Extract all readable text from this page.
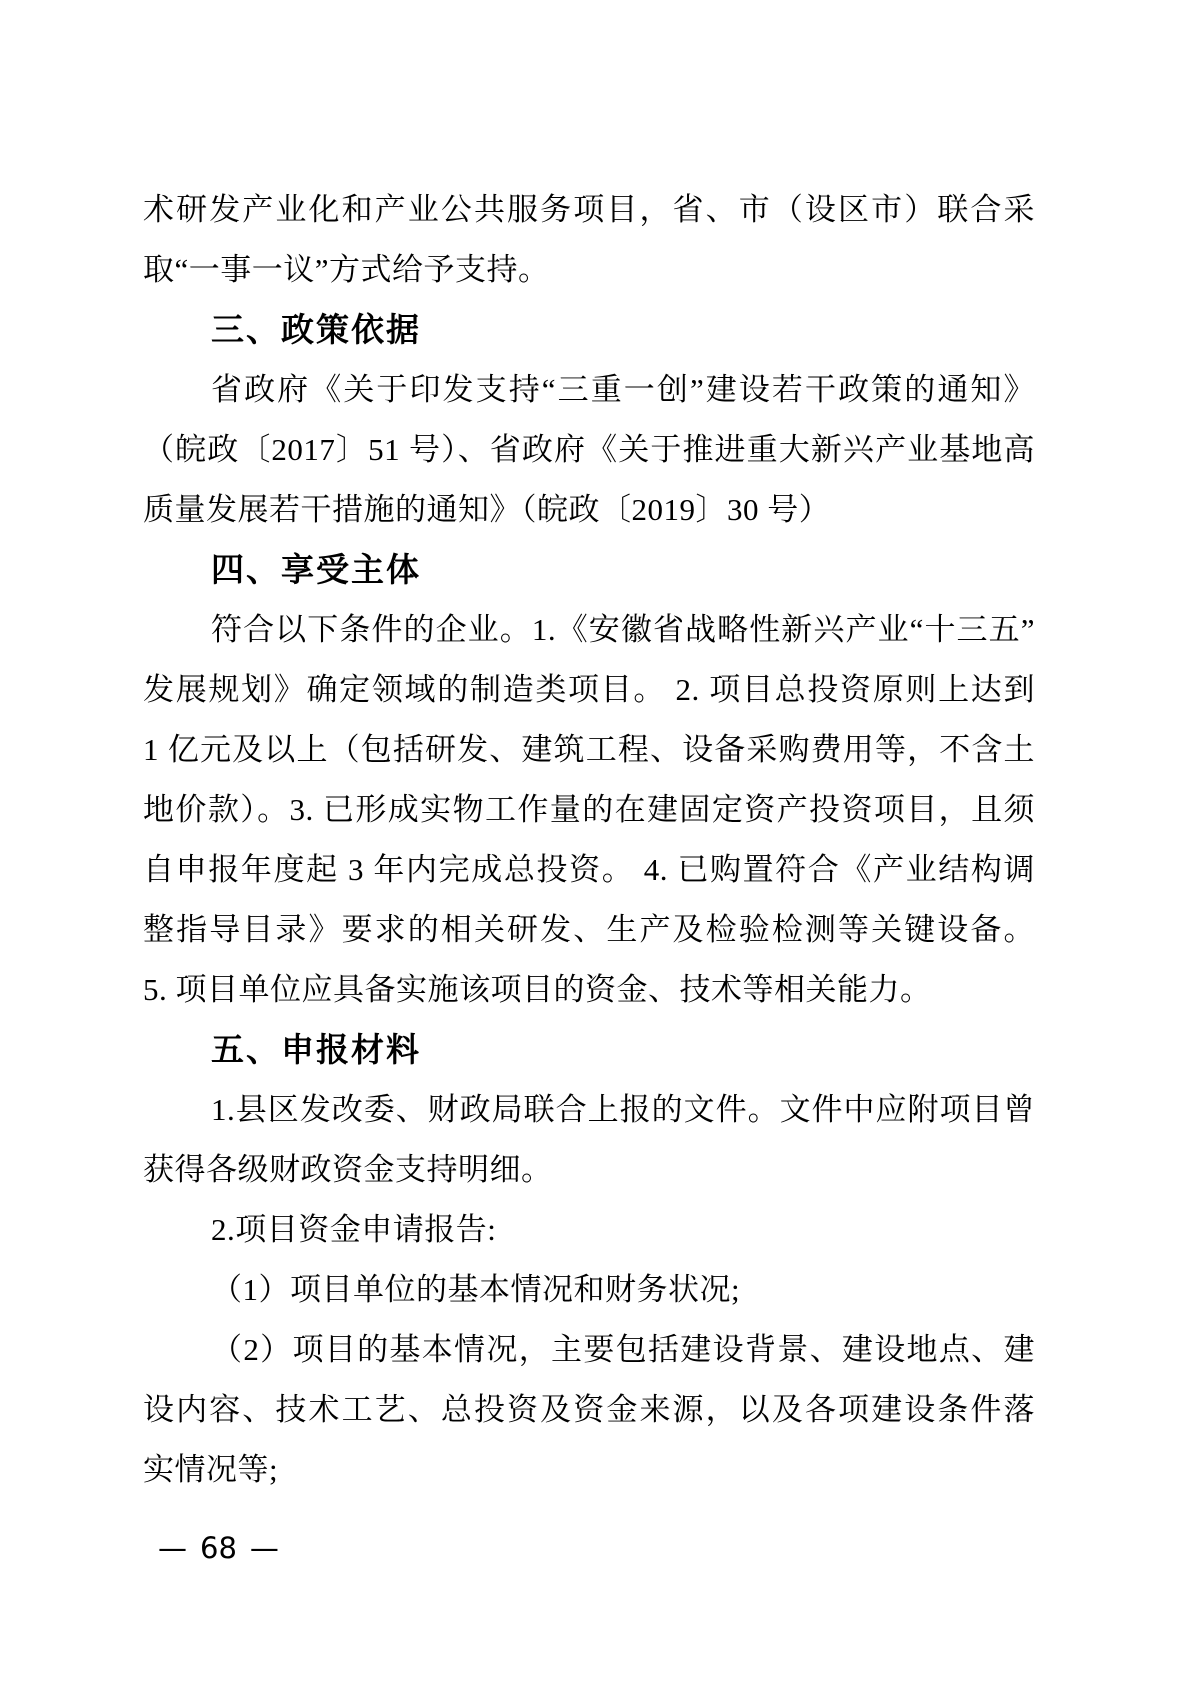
术研发产业化和产业公共服务项目，省、市（设区市）联合采
取“一事一议”方式给予支持。
三、政策依据
省政府《关于印发支持“三重一创”建设若干政策的通知》
（皖政〔2017〕51 号）、省政府《关于推进重大新兴产业基地高
质量发展若干措施的通知》（皖政〔2019〕30 号）
四、享受主体
符合以下条件的企业。1.《安徽省战略性新兴产业“十三五”
发展规划》确定领域的制造类项目。 2. 项目总投资原则上达到
1 亿元及以上（包括研发、建筑工程、设备采购费用等，不含土
地价款）。3. 已形成实物工作量的在建固定资产投资项目，且须
自申报年度起 3 年内完成总投资。 4. 已购置符合《产业结构调
整指导目录》要求的相关研发、生产及检验检测等关键设备。
5. 项目单位应具备实施该项目的资金、技术等相关能力。
五、申报材料
1.县区发改委、财政局联合上报的文件。文件中应附项目曾
获得各级财政资金支持明细。
2.项目资金申请报告:
（1）项目单位的基本情况和财务状况;
（2）项目的基本情况，主要包括建设背景、建设地点、建
设内容、技术工艺、总投资及资金来源，以及各项建设条件落
实情况等;
— 68 —
